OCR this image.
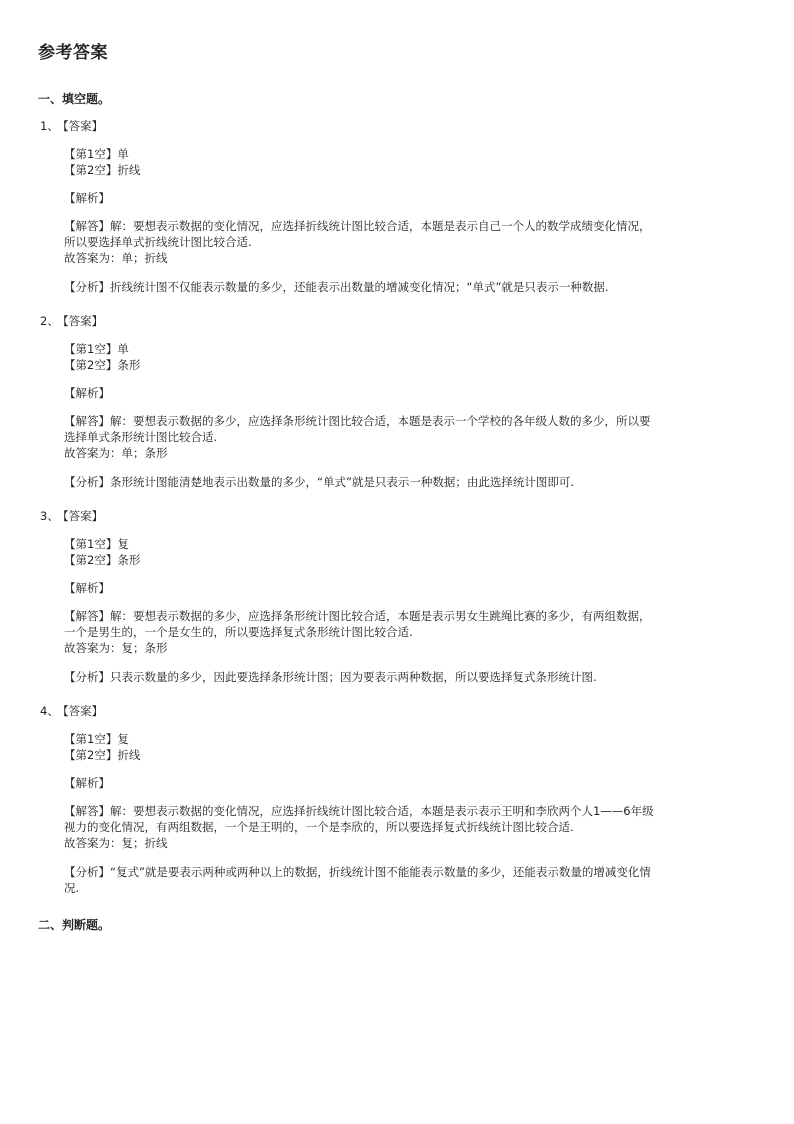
参考答案
一、填空题。
1、 【答案】
【第1空】单
【第2空】折线
【解析】
【解答】解：要想表示数据的变化情况，应选择折线统计图比较合适，本题是表示自己一个人的数学成绩变化情况，
所以要选择单式折线统计图比较合适.
故答案为：单；折线
【分析】折线统计图不仅能表示数量的多少，还能表示出数量的增减变化情况；“单式”就是只表示一种数据.
2、 【答案】
【第1空】单
【第2空】条形
【解析】
【解答】解：要想表示数据的多少，应选择条形统计图比较合适，本题是表示一个学校的各年级人数的多少，所以要
选择单式条形统计图比较合适.
故答案为：单；条形
【分析】条形统计图能清楚地表示出数量的多少，“单式”就是只表示一种数据；由此选择统计图即可.
3、 【答案】
【第1空】复
【第2空】条形
【解析】
【解答】解：要想表示数据的多少，应选择条形统计图比较合适，本题是表示男女生跳绳比赛的多少，有两组数据，
一个是男生的，一个是女生的，所以要选择复式条形统计图比较合适.
故答案为：复；条形
【分析】只表示数量的多少，因此要选择条形统计图；因为要表示两种数据，所以要选择复式条形统计图.
4、 【答案】
【第1空】复
【第2空】折线
【解析】
【解答】解：要想表示数据的变化情况，应选择折线统计图比较合适，本题是表示表示王明和李欣两个人1——6年级
视力的变化情况，有两组数据，一个是王明的，一个是李欣的，所以要选择复式折线统计图比较合适.
故答案为：复；折线
【分析】“复式”就是要表示两种或两种以上的数据，折线统计图不能能表示数量的多少，还能表示数量的增减变化情
况.
二、判断题。
